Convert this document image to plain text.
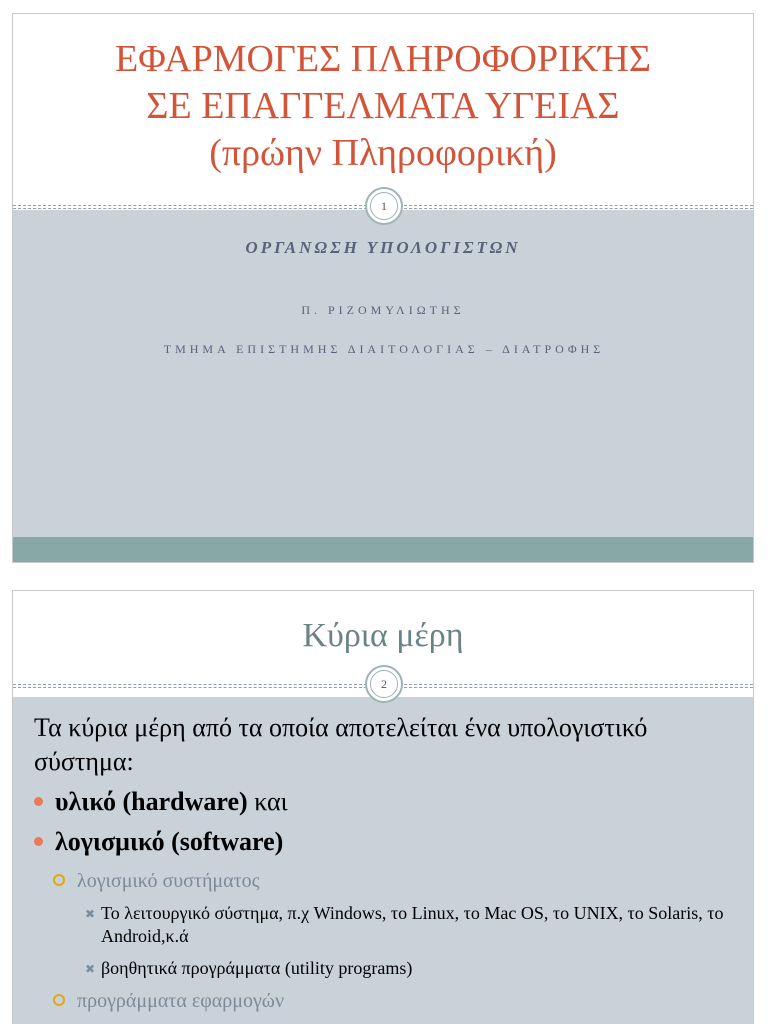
ΕΦΑΡΜΟΓΕΣ ΠΛΗΡΟΦΟΡΙΚΉΣ
ΣΕ ΕΠΑΓΓΕΛΜΑΤΑ ΥΓΕΙΑΣ
(πρώην Πληροφορική)
1
ΟΡΓΑΝΩΣΗ ΥΠΟΛΟΓΙΣΤΩΝ
Π. ΡΙΖΟΜΥΛΙΩΤΗΣ
ΤΜΗΜΑ ΕΠΙΣΤΗΜΗΣ ΔΙΑΙΤΟΛΟΓΙΑΣ – ΔΙΑΤΡΟΦΗΣ
Κύρια μέρη
2
Τα κύρια μέρη από τα οποία αποτελείται ένα υπολογιστικό σύστημα:
υλικό (hardware) και
λογισμικό (software)
λογισμικό συστήματος
✖ Το λειτουργικό σύστημα, π.χ Windows, το Linux, το Mac OS, το UNIX, το Solaris, το Android,κ.ά
✖ βοηθητικά προγράμματα (utility programs)
προγράμματα εφαρμογών
